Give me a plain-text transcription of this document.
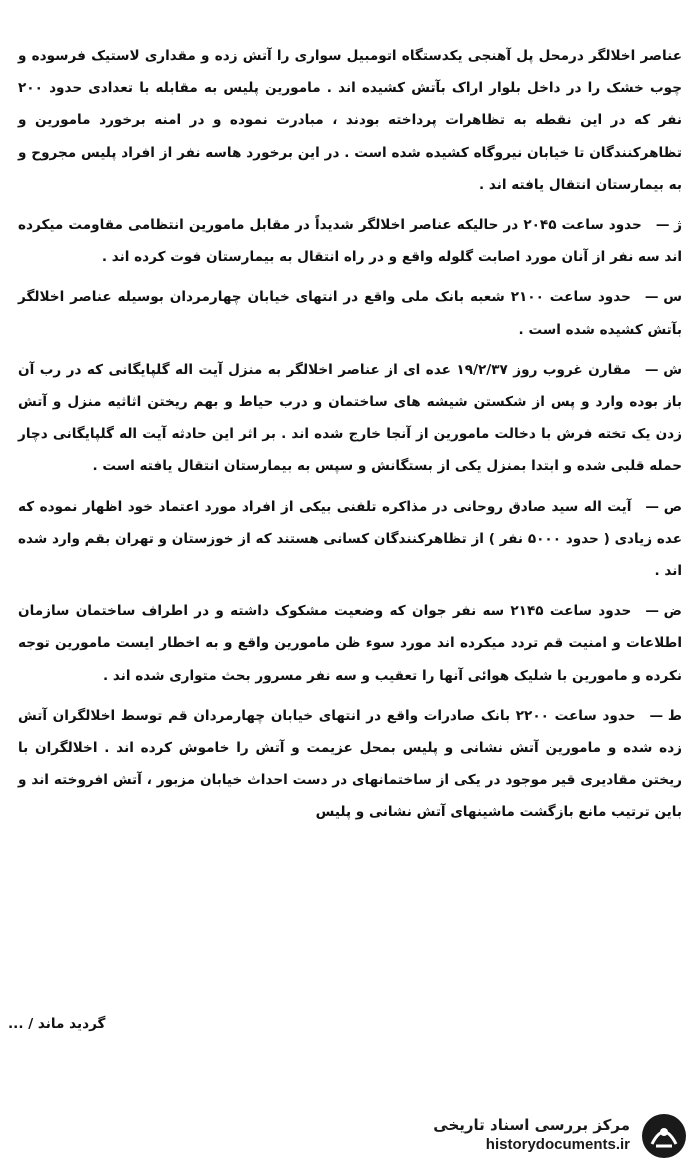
عناصر اخلالگر درمحل پل آهنجی یکدستگاه اتومبیل سواری را آتش زده و مقداری لاستیک فرسوده و چوب خشک را در داخل بلوار اراک بآتش کشیده اند . مامورین پلیس به مقابله با تعدادی حدود ۲۰۰ نفر که در این نقطه به تظاهرات پرداخته بودند ، مبادرت نموده و در امنه برخورد مامورین و تظاهرکنندگان تا خیابان نیروگاه کشیده شده است . در این برخورد هاسه نفر از افراد پلیس مجروح و به بیمارستان انتقال یافته اند .

ژ —حدود ساعت ۲۰۴۵ در حالیکه عناصر اخلالگر شدیداً در مقابل مامورین انتظامی مقاومت میکرده اند سه نفر از آنان مورد اصابت گلوله واقع و در راه انتقال به بیمارستان فوت کرده اند .

س —حدود ساعت ۲۱۰۰ شعبه بانک ملی واقع در انتهای خیابان چهارمردان بوسیله عناصر اخلالگر بآتش کشیده شده است .

ش —مقارن غروب روز ۱۹/۲/۳۷ عده ای از عناصر اخلالگر به منزل آیت اله گلپایگانی که در رب آن باز بوده وارد و پس از شکستن شیشه های ساختمان و درب حیاط و بهم ریختن اثاثیه منزل و آتش زدن یک تخته فرش با دخالت مامورین از آنجا خارج شده اند . بر اثر این حادثه آیت اله گلپایگانی دچار حمله قلبی شده و ابتدا بمنزل یکی از بستگانش و سپس به بیمارستان انتقال یافته است .

ص —آیت اله سید صادق روحانی در مذاکره تلفنی بیکی از افراد مورد اعتماد خود اظهار نموده که عده زیادی ( حدود ۵۰۰۰ نفر ) از تظاهرکنندگان کسانی هستند که از خوزستان و تهران بقم وارد شده اند .

ض —حدود ساعت ۲۱۴۵ سه نفر جوان که وضعیت مشکوک داشته و در اطراف ساختمان سازمان اطلاعات و امنیت قم تردد میکرده اند مورد سوء ظن مامورین واقع و به اخطار ایست مامورین توجه نکرده و مامورین با شلیک هوائی آنها را تعقیب و سه نفر مسرور بحث متواری شده اند .

ط —حدود ساعت ۲۲۰۰ بانک صادرات واقع در انتهای خیابان چهارمردان قم توسط اخلالگران آتش زده شده و مامورین آتش نشانی و پلیس بمحل عزیمت و آتش را خاموش کرده اند . اخلالگران با ریختن مقادیری قیر موجود در یکی از ساختمانهای در دست احداث خیابان مزبور ، آتش افروخته اند و باین ترتیب مانع بازگشت ماشینهای آتش نشانی و پلیس

گردید ماند / ...
مرکز بررسی اسناد تاریخی
historydocuments.ir
